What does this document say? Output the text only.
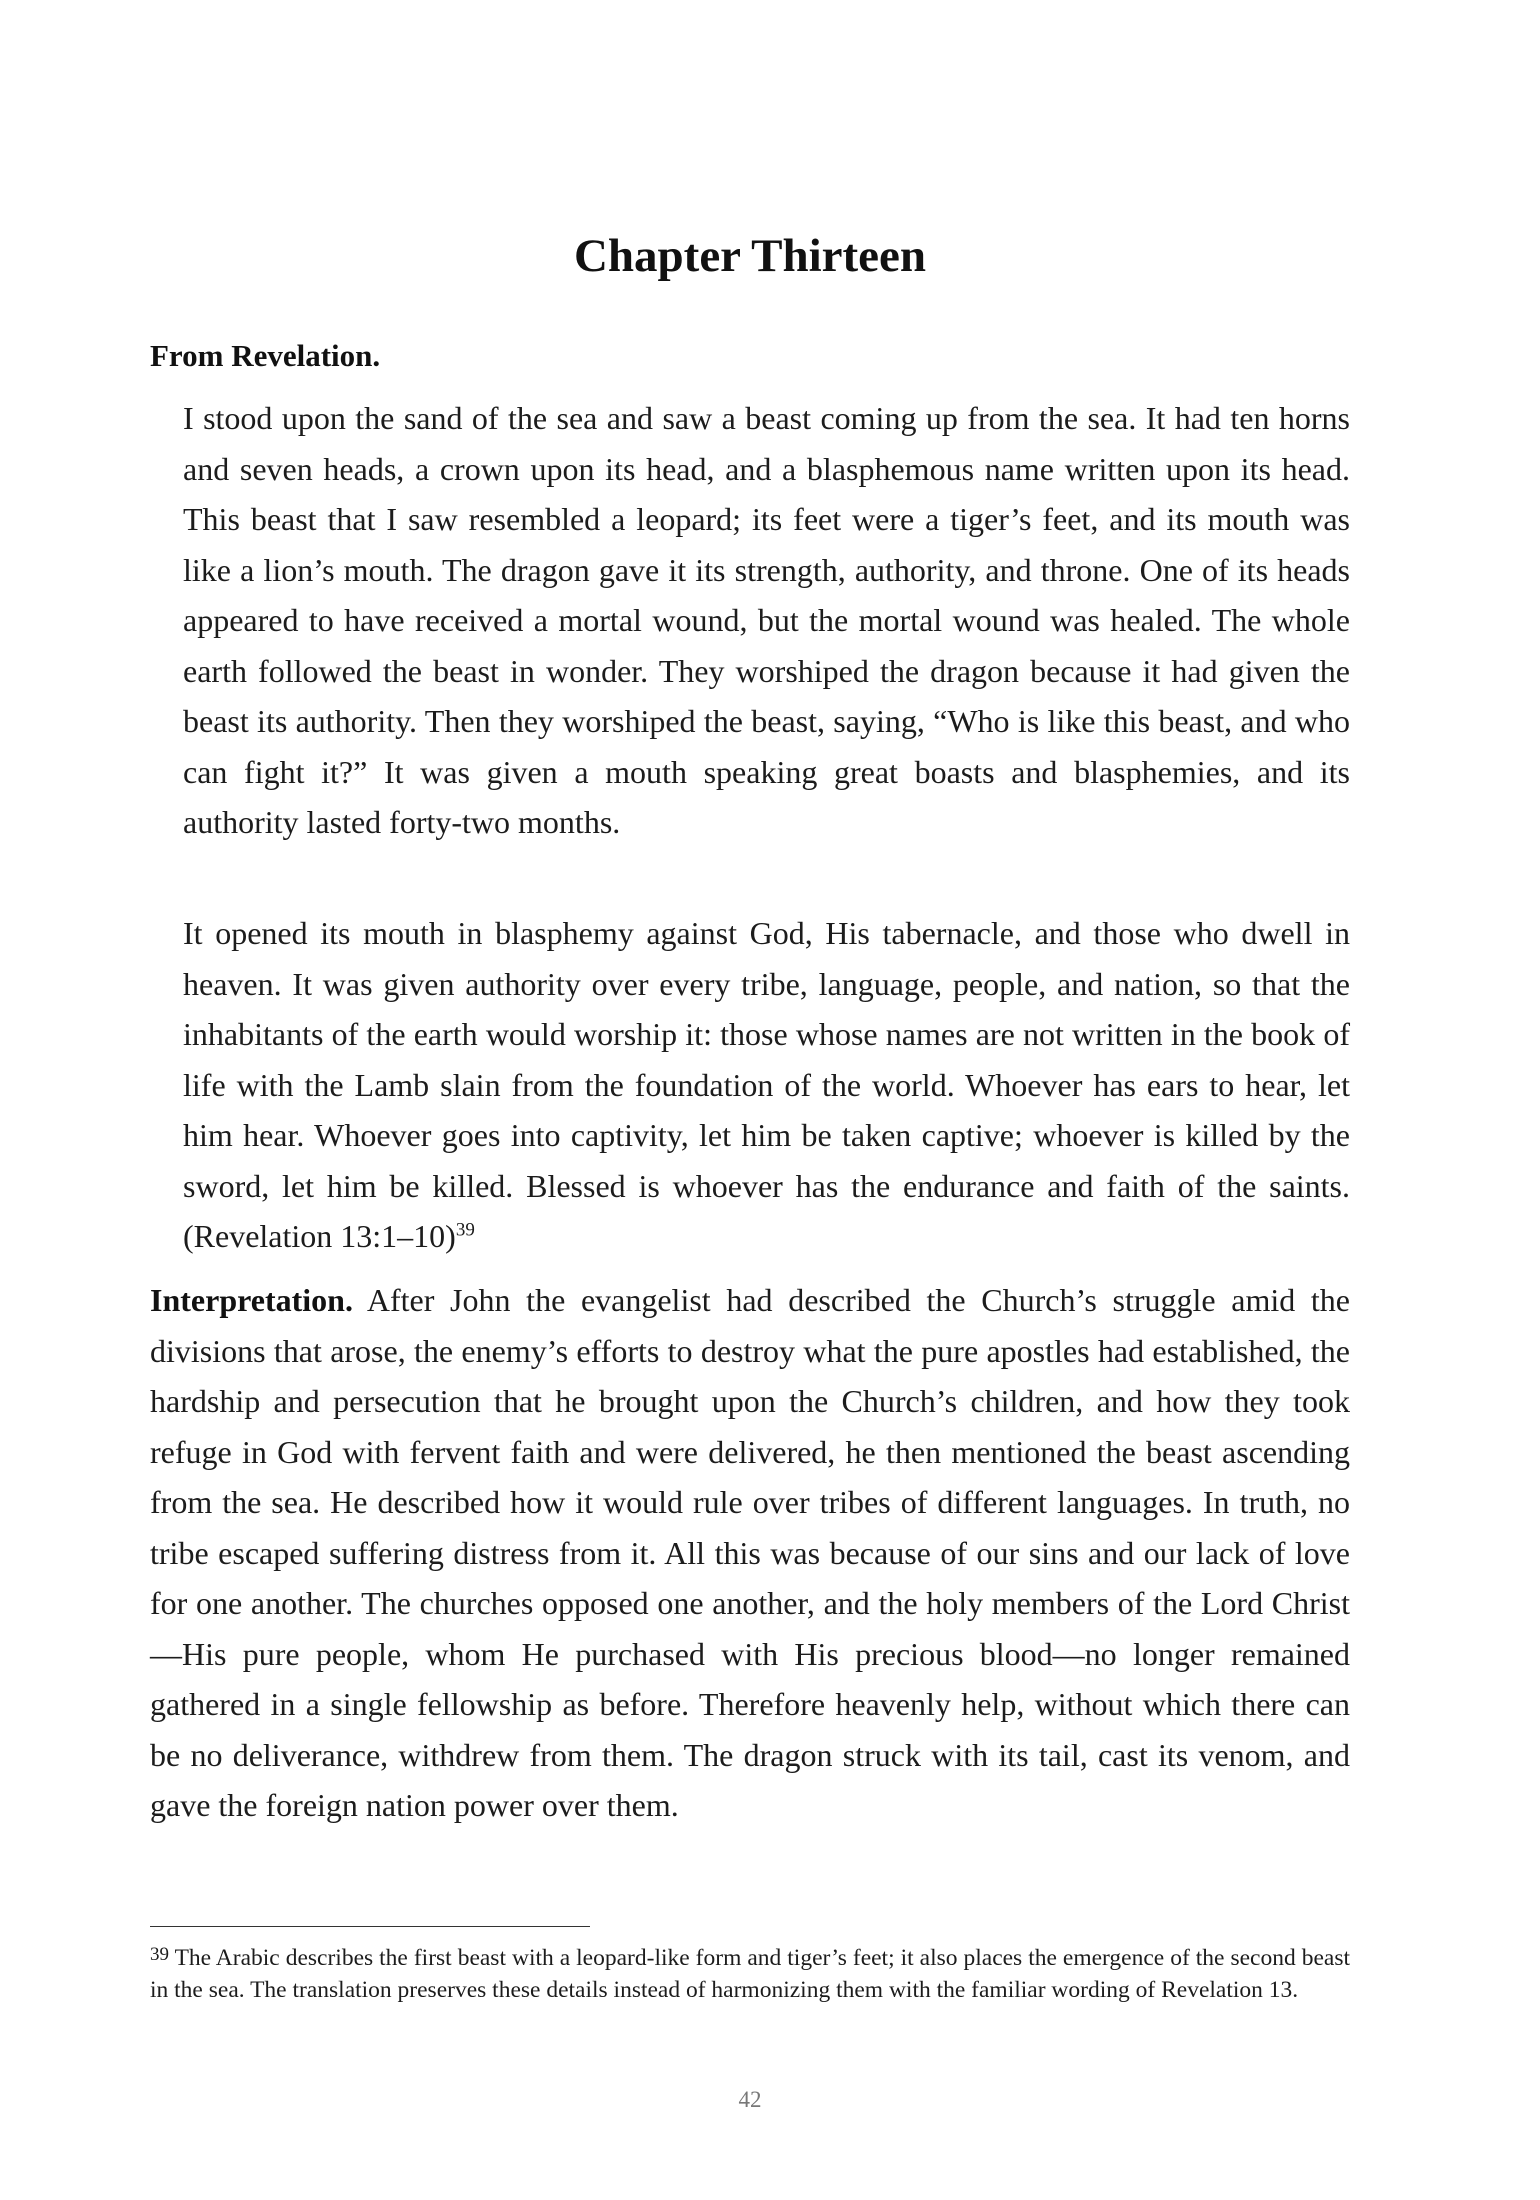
Chapter Thirteen
From Revelation.

I stood upon the sand of the sea and saw a beast coming up from the sea. It had ten horns and seven heads, a crown upon its head, and a blasphemous name written upon its head. This beast that I saw resembled a leopard; its feet were a tiger’s feet, and its mouth was like a lion’s mouth. The dragon gave it its strength, authority, and throne. One of its heads appeared to have received a mortal wound, but the mortal wound was healed. The whole earth followed the beast in wonder. They worshiped the dragon because it had given the beast its authority. Then they worshiped the beast, saying, “Who is like this beast, and who can fight it?” It was given a mouth speaking great boasts and blasphemies, and its authority lasted forty-two months.

It opened its mouth in blasphemy against God, His tabernacle, and those who dwell in heaven. It was given authority over every tribe, language, people, and nation, so that the inhabitants of the earth would worship it: those whose names are not written in the book of life with the Lamb slain from the foundation of the world. Whoever has ears to hear, let him hear. Whoever goes into captivity, let him be taken captive; whoever is killed by the sword, let him be killed. Blessed is whoever has the endurance and faith of the saints. (Revelation 13:1–10)$^{39}$

Interpretation. After John the evangelist had described the Church’s struggle amid the divisions that arose, the enemy’s efforts to destroy what the pure apostles had established, the hardship and persecution that he brought upon the Church’s children, and how they took refuge in God with fervent faith and were delivered, he then mentioned the beast ascending from the sea. He described how it would rule over tribes of different languages. In truth, no tribe escaped suffering distress from it. All this was because of our sins and our lack of love for one another. The churches opposed one another, and the holy members of the Lord Christ—His pure people, whom He purchased with His precious blood—no longer remained gathered in a single fellowship as before. Therefore heavenly help, without which there can be no deliverance, withdrew from them. The dragon struck with its tail, cast its venom, and gave the foreign nation power over them.

$^{39}$ The Arabic describes the first beast with a leopard-like form and tiger’s feet; it also places the emergence of the second beast in the sea. The translation preserves these details instead of harmonizing them with the familiar wording of Revelation 13.

42
